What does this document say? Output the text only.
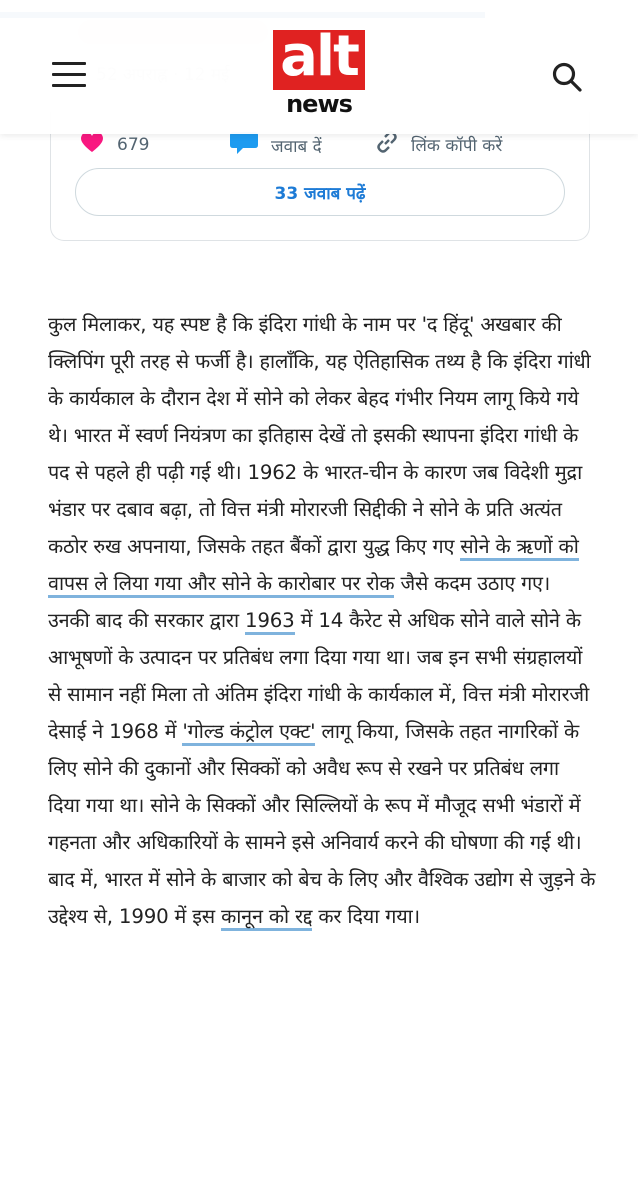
679	जवाब दें	लिंक कॉपी करें
33 जवाब पढ़ें
alt
news

कुल मिलाकर, यह स्पष्ट है कि इंदिरा गांधी के नाम पर 'द हिंदू' अखबार की क्लिपिंग पूरी तरह से फर्जी है। हालाँकि, यह ऐतिहासिक तथ्य है कि इंदिरा गांधी के कार्यकाल के दौरान देश में सोने को लेकर बेहद गंभीर नियम लागू किये गये थे। भारत में स्वर्ण नियंत्रण का इतिहास देखें तो इसकी स्थापना इंदिरा गांधी के पद से पहले ही पढ़ी गई थी। 1962 के भारत-चीन के कारण जब विदेशी मुद्रा भंडार पर दबाव बढ़ा, तो वित्त मंत्री मोरारजी सिद्दीकी ने सोने के प्रति अत्यंत कठोर रुख अपनाया, जिसके तहत बैंकों द्वारा युद्ध किए गए सोने के ऋणों को वापस ले लिया गया और सोने के कारोबार पर रोक जैसे कदम उठाए गए। उनकी बाद की सरकार द्वारा 1963 में 14 कैरेट से अधिक सोने वाले सोने के आभूषणों के उत्पादन पर प्रतिबंध लगा दिया गया था। जब इन सभी संग्रहालयों से सामान नहीं मिला तो अंतिम इंदिरा गांधी के कार्यकाल में, वित्त मंत्री मोरारजी देसाई ने 1968 में 'गोल्ड कंट्रोल एक्ट' लागू किया, जिसके तहत नागरिकों के लिए सोने की दुकानों और सिक्कों को अवैध रूप से रखने पर प्रतिबंध लगा दिया गया था। सोने के सिक्कों और सिल्लियों के रूप में मौजूद सभी भंडारों में गहनता और अधिकारियों के सामने इसे अनिवार्य करने की घोषणा की गई थी। बाद में, भारत में सोने के बाजार को बेच के लिए और वैश्विक उद्योग से जुड़ने के उद्देश्य से, 1990 में इस कानून को रद्द कर दिया गया।
